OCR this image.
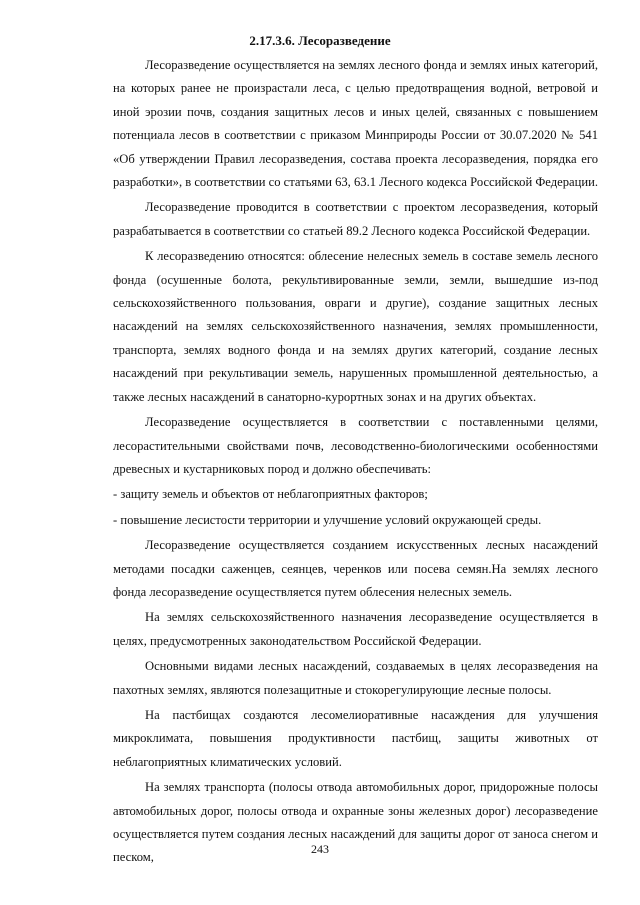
2.17.3.6. Лесоразведение

Лесоразведение осуществляется на землях лесного фонда и землях иных категорий, на которых ранее не произрастали леса, с целью предотвращения водной, ветровой и иной эрозии почв, создания защитных лесов и иных целей, связанных с повышением потенциала лесов в соответствии с приказом Минприроды России от 30.07.2020 № 541 «Об утверждении Правил лесоразведения, состава проекта лесоразведения, порядка его разработки», в соответствии со статьями 63, 63.1 Лесного кодекса Российской Федерации.

Лесоразведение проводится в соответствии с проектом лесоразведения, который разрабатывается в соответствии со статьей 89.2 Лесного кодекса Российской Федерации.

К лесоразведению относятся: облесение нелесных земель в составе земель лесного фонда (осушенные болота, рекультивированные земли, земли, вышедшие из-под сельскохозяйственного пользования, овраги и другие), создание защитных лесных насаждений на землях сельскохозяйственного назначения, землях промышленности, транспорта, землях водного фонда и на землях других категорий, создание лесных насаждений при рекультивации земель, нарушенных промышленной деятельностью, а также лесных насаждений в санаторно-курортных зонах и на других объектах.

Лесоразведение осуществляется в соответствии с поставленными целями, лесорастительными свойствами почв, лесоводственно-биологическими особенностями древесных и кустарниковых пород и должно обеспечивать:

- защиту земель и объектов от неблагоприятных факторов;

- повышение лесистости территории и улучшение условий окружающей среды.

Лесоразведение осуществляется созданием искусственных лесных насаждений методами посадки саженцев, сеянцев, черенков или посева семян.На землях лесного фонда лесоразведение осуществляется путем облесения нелесных земель.

На землях сельскохозяйственного назначения лесоразведение осуществляется в целях, предусмотренных законодательством Российской Федерации.

Основными видами лесных насаждений, создаваемых в целях лесоразведения на пахотных землях, являются полезащитные и стокорегулирующие лесные полосы.

На пастбищах создаются лесомелиоративные насаждения для улучшения микроклимата, повышения продуктивности пастбищ, защиты животных от неблагоприятных климатических условий.

На землях транспорта (полосы отвода автомобильных дорог, придорожные полосы автомобильных дорог, полосы отвода и охранные зоны железных дорог) лесоразведение осуществляется путем создания лесных насаждений для защиты дорог от заноса снегом и песком,

243
